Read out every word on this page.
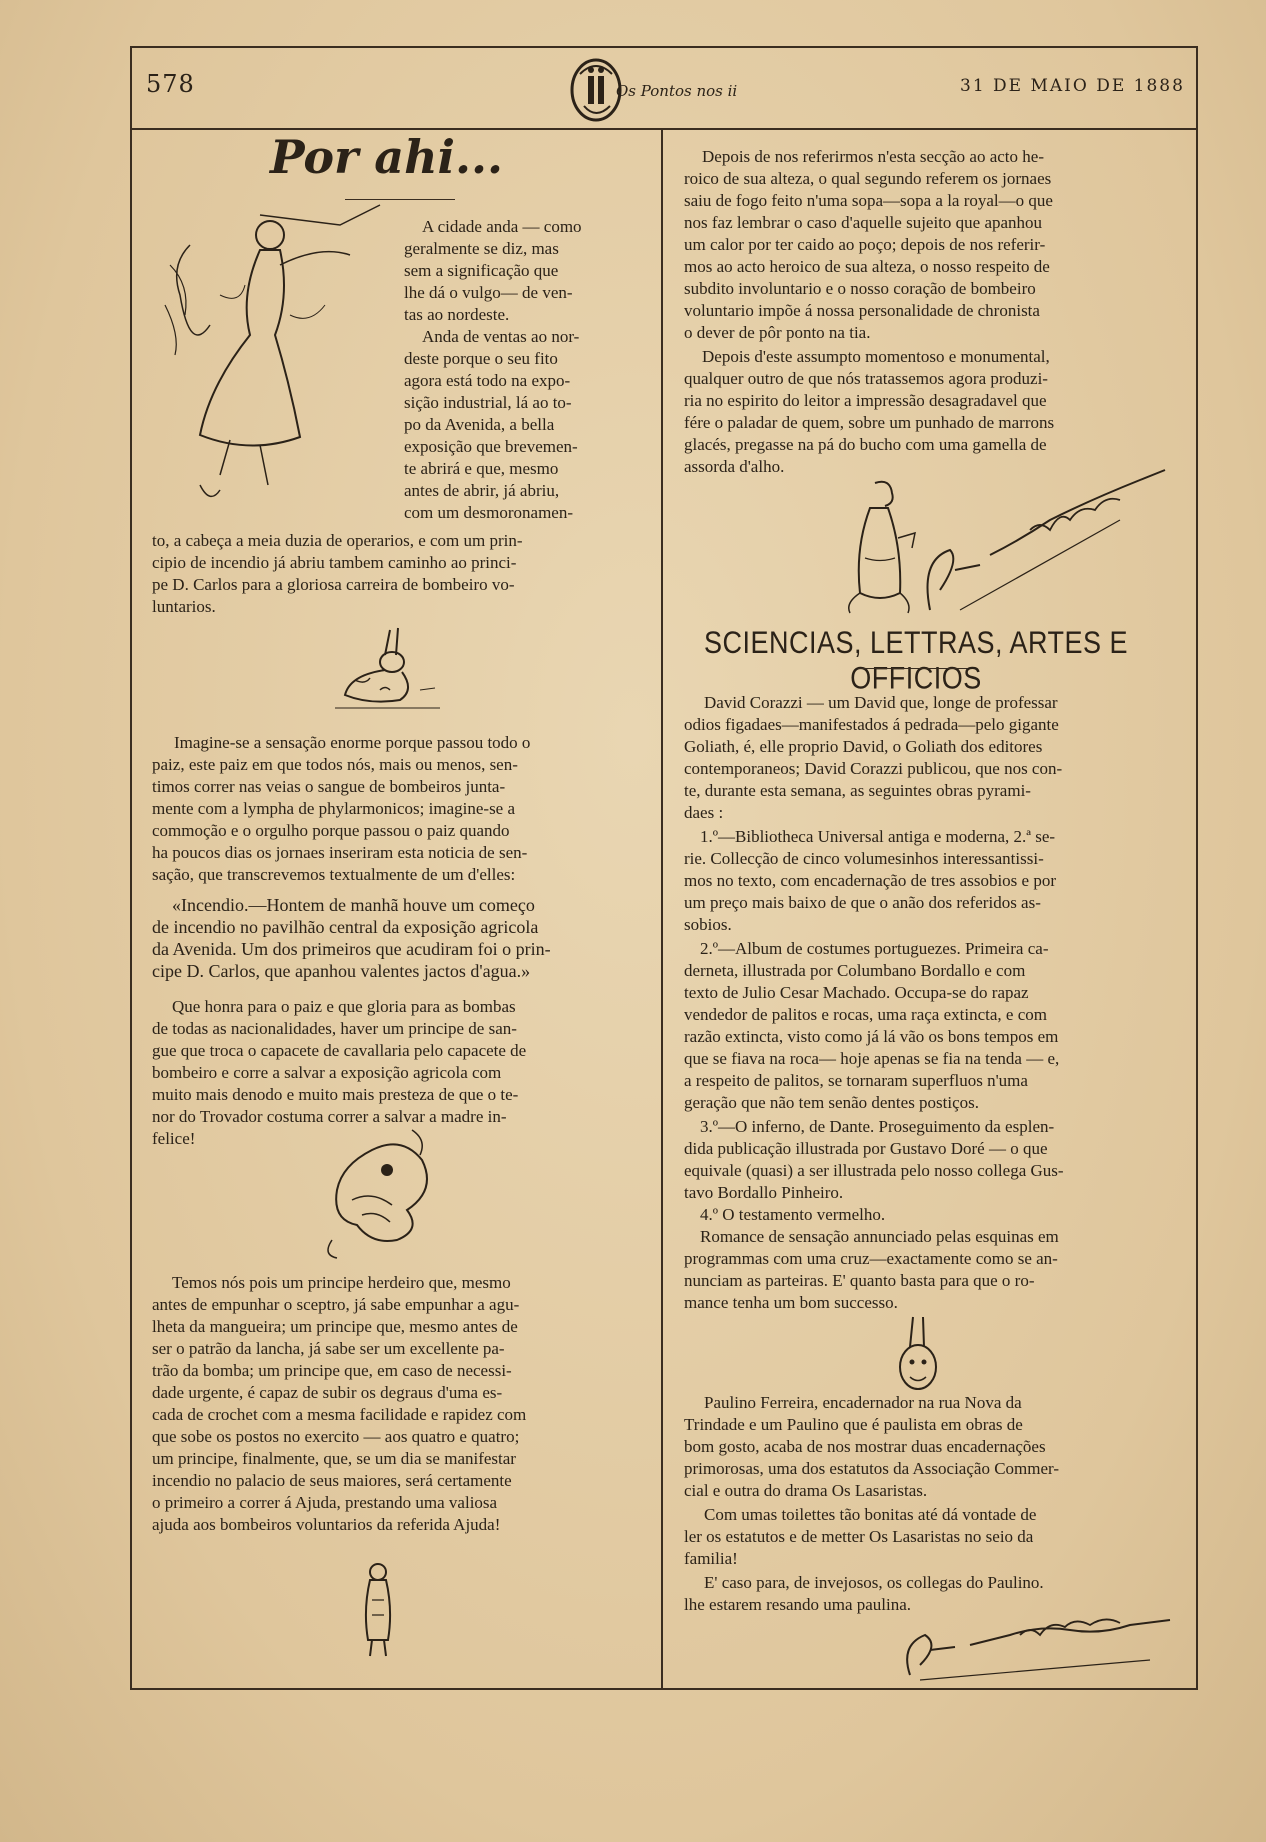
578	Os Pontos nos ii	31 DE MAIO DE 1888
Por ahi...
A cidade anda — como
geralmente se diz, mas
sem a significação que
lhe dá o vulgo— de ven-
tas ao nordeste.
Anda de ventas ao nor-
deste porque o seu fito
agora está todo na expo-
sição industrial, lá ao to-
po da Avenida, a bella
exposição que brevemen-
te abrirá e que, mesmo
antes de abrir, já abriu,
com um desmoronamen-
to, a cabeça a meia duzia de operarios, e com um prin-
cipio de incendio já abriu tambem caminho ao princi-
pe D. Carlos para a gloriosa carreira de bombeiro vo-
luntarios.
Imagine-se a sensação enorme porque passou todo o
paiz, este paiz em que todos nós, mais ou menos, sen-
timos correr nas veias o sangue de bombeiros junta-
mente com a lympha de phylarmonicos; imagine-se a
commoção e o orgulho porque passou o paiz quando
ha poucos dias os jornaes inseriram esta noticia de sen-
sação, que transcrevemos textualmente de um d'elles:
«Incendio.—Hontem de manhã houve um começo
de incendio no pavilhão central da exposição agricola
da Avenida. Um dos primeiros que acudiram foi o prin-
cipe D. Carlos, que apanhou valentes jactos d'agua.»
Que honra para o paiz e que gloria para as bombas
de todas as nacionalidades, haver um principe de san-
gue que troca o capacete de cavallaria pelo capacete de
bombeiro e corre a salvar a exposição agricola com
muito mais denodo e muito mais presteza de que o te-
nor do Trovador costuma correr a salvar a madre in-
felice!
Temos nós pois um principe herdeiro que, mesmo
antes de empunhar o sceptro, já sabe empunhar a agu-
lheta da mangueira; um principe que, mesmo antes de
ser o patrão da lancha, já sabe ser um excellente pa-
trão da bomba; um principe que, em caso de necessi-
dade urgente, é capaz de subir os degraus d'uma es-
cada de crochet com a mesma facilidade e rapidez com
que sobe os postos no exercito — aos quatro e quatro;
um principe, finalmente, que, se um dia se manifestar
incendio no palacio de seus maiores, será certamente
o primeiro a correr á Ajuda, prestando uma valiosa
ajuda aos bombeiros voluntarios da referida Ajuda!
Depois de nos referirmos n'esta secção ao acto he-
roico de sua alteza, o qual segundo referem os jornaes
saiu de fogo feito n'uma sopa—sopa a la royal—o que
nos faz lembrar o caso d'aquelle sujeito que apanhou
um calor por ter caido ao poço; depois de nos referir-
mos ao acto heroico de sua alteza, o nosso respeito de
subdito involuntario e o nosso coração de bombeiro
voluntario impõe á nossa personalidade de chronista
o dever de pôr ponto na tia.
Depois d'este assumpto momentoso e monumental,
qualquer outro de que nós tratassemos agora produzi-
ria no espirito do leitor a impressão desagradavel que
fére o paladar de quem, sobre um punhado de marrons
glacés, pregasse na pá do bucho com uma gamella de
assorda d'alho.
SCIENCIAS, LETTRAS, ARTES E OFFICIOS
David Corazzi — um David que, longe de professar
odios figadaes—manifestados á pedrada—pelo gigante
Goliath, é, elle proprio David, o Goliath dos editores
contemporaneos; David Corazzi publicou, que nos con-
te, durante esta semana, as seguintes obras pyrami-
daes :
1.º—Bibliotheca Universal antiga e moderna, 2.ª se-
rie. Collecção de cinco volumesinhos interessantissi-
mos no texto, com encadernação de tres assobios e por
um preço mais baixo de que o anão dos referidos as-
sobios.
2.º—Album de costumes portuguezes. Primeira ca-
derneta, illustrada por Columbano Bordallo e com
texto de Julio Cesar Machado. Occupa-se do rapaz
vendedor de palitos e rocas, uma raça extincta, e com
razão extincta, visto como já lá vão os bons tempos em
que se fiava na roca— hoje apenas se fia na tenda — e,
a respeito de palitos, se tornaram superfluos n'uma
geração que não tem senão dentes postiços.
3.º—O inferno, de Dante. Proseguimento da esplen-
dida publicação illustrada por Gustavo Doré — o que
equivale (quasi) a ser illustrada pelo nosso collega Gus-
tavo Bordallo Pinheiro.
4.º O testamento vermelho.
Romance de sensação annunciado pelas esquinas em
programmas com uma cruz—exactamente como se an-
nunciam as parteiras. E' quanto basta para que o ro-
mance tenha um bom successo.
Paulino Ferreira, encadernador na rua Nova da
Trindade e um Paulino que é paulista em obras de
bom gosto, acaba de nos mostrar duas encadernações
primorosas, uma dos estatutos da Associação Commer-
cial e outra do drama Os Lasaristas.
Com umas toilettes tão bonitas até dá vontade de
ler os estatutos e de metter Os Lasaristas no seio da
familia!
E' caso para, de invejosos, os collegas do Paulino.
lhe estarem resando uma paulina.
